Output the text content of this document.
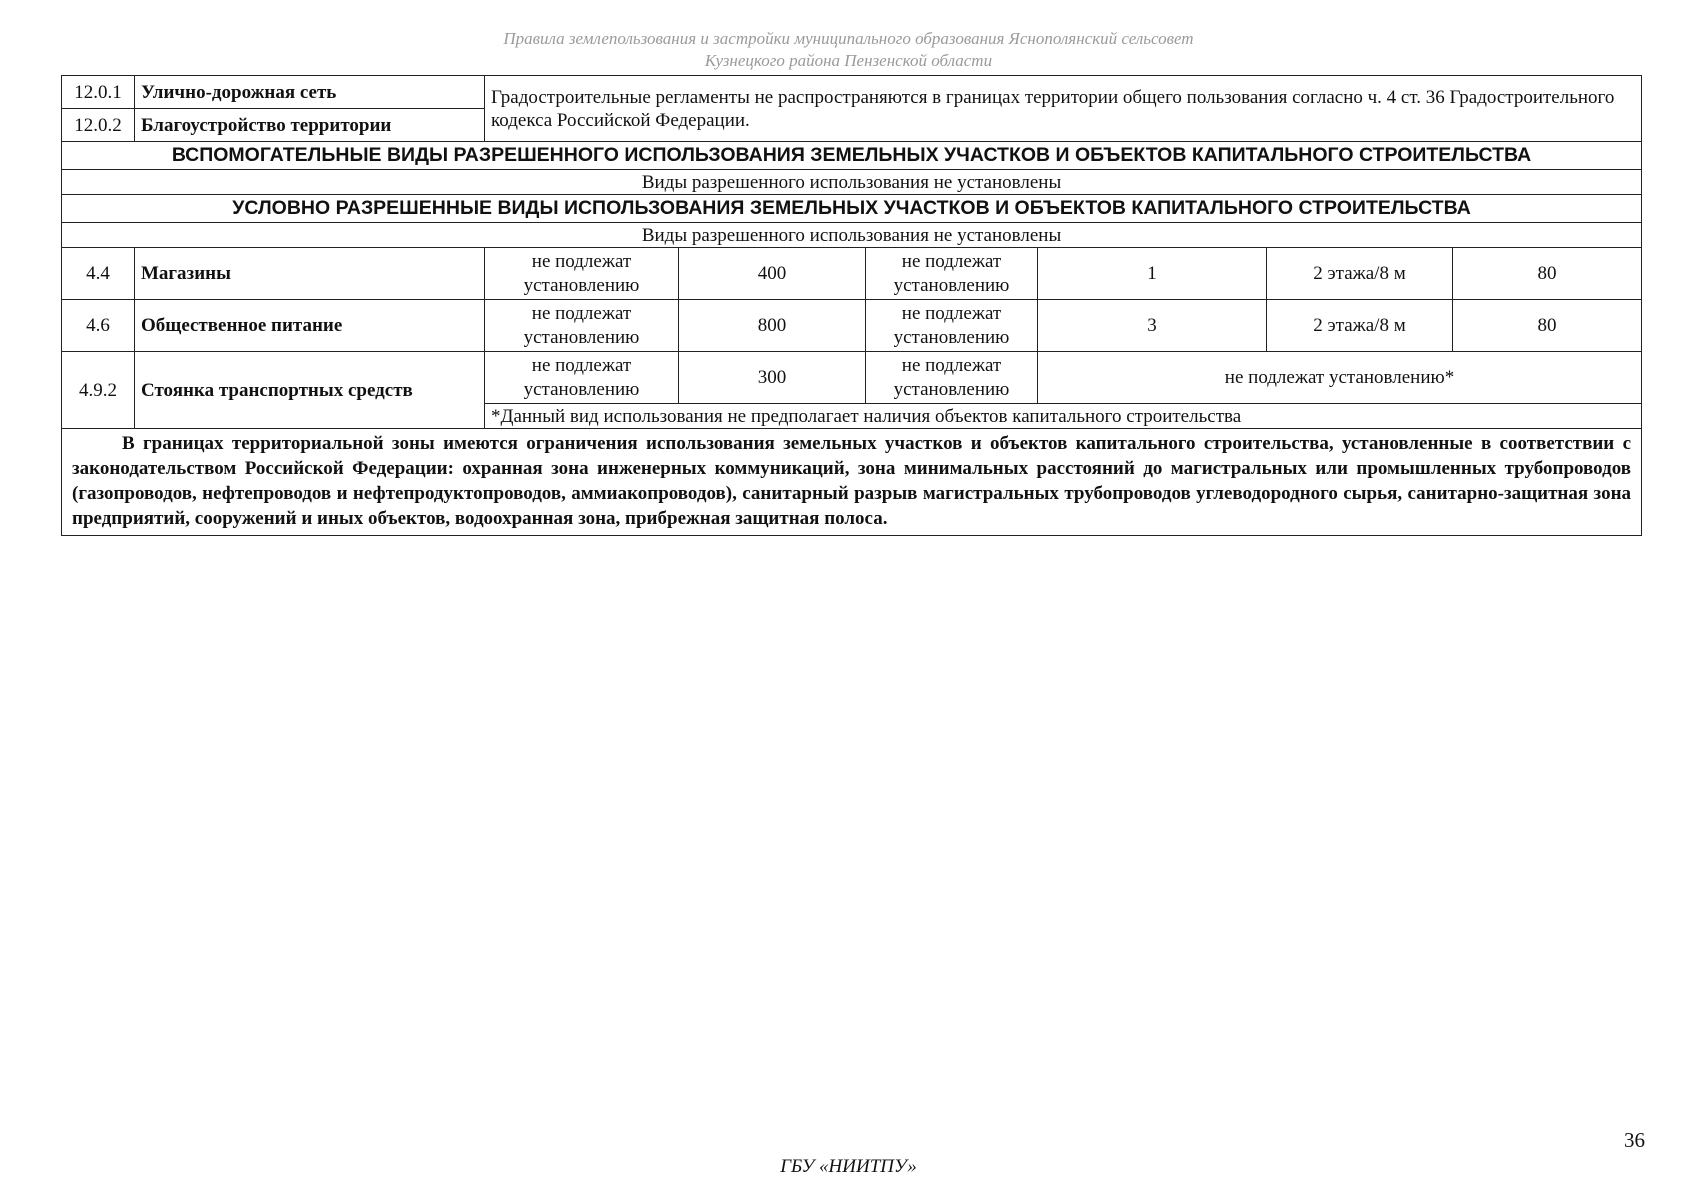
Правила землепользования и застройки муниципального образования Яснополянский сельсовет
Кузнецкого района Пензенской области
12.0.1	Улично-дорожная сеть	Градостроительные регламенты не распространяются в границах территории общего пользования согласно ч. 4 ст. 36 Градостроительного кодекса Российской Федерации.					
12.0.2	Благоустройство территории						
ВСПОМОГАТЕЛЬНЫЕ ВИДЫ РАЗРЕШЕННОГО ИСПОЛЬЗОВАНИЯ ЗЕМЕЛЬНЫХ УЧАСТКОВ И ОБЪЕКТОВ КАПИТАЛЬНОГО СТРОИТЕЛЬСТВА							
Виды разрешенного использования не установлены							
УСЛОВНО РАЗРЕШЕННЫЕ ВИДЫ ИСПОЛЬЗОВАНИЯ ЗЕМЕЛЬНЫХ УЧАСТКОВ И ОБЪЕКТОВ КАПИТАЛЬНОГО СТРОИТЕЛЬСТВА							
Виды разрешенного использования не установлены							
4.4	Магазины	не подлежат установлению	400	не подлежат установлению	1	2 этажа/8 м	80
4.6	Общественное питание	не подлежат установлению	800	не подлежат установлению	3	2 этажа/8 м	80
4.9.2	Стоянка транспортных средств	не подлежат установлению	300	не подлежат установлению	не подлежат установлению*		
		*Данный вид использования не предполагает наличия объектов капитального строительства					
В границах территориальной зоны имеются ограничения использования земельных участков и объектов капитального строительства, установленные в соответствии с законодательством Российской Федерации: охранная зона инженерных коммуникаций, зона минимальных расстояний до магистральных или промышленных трубопроводов (газопроводов, нефтепроводов и нефтепродуктопроводов, аммиакопроводов), санитарный разрыв магистральных трубопроводов углеводородного сырья, санитарно-защитная зона предприятий, сооружений и иных объектов, водоохранная зона, прибрежная защитная полоса.							
36
ГБУ «НИИТПУ»
